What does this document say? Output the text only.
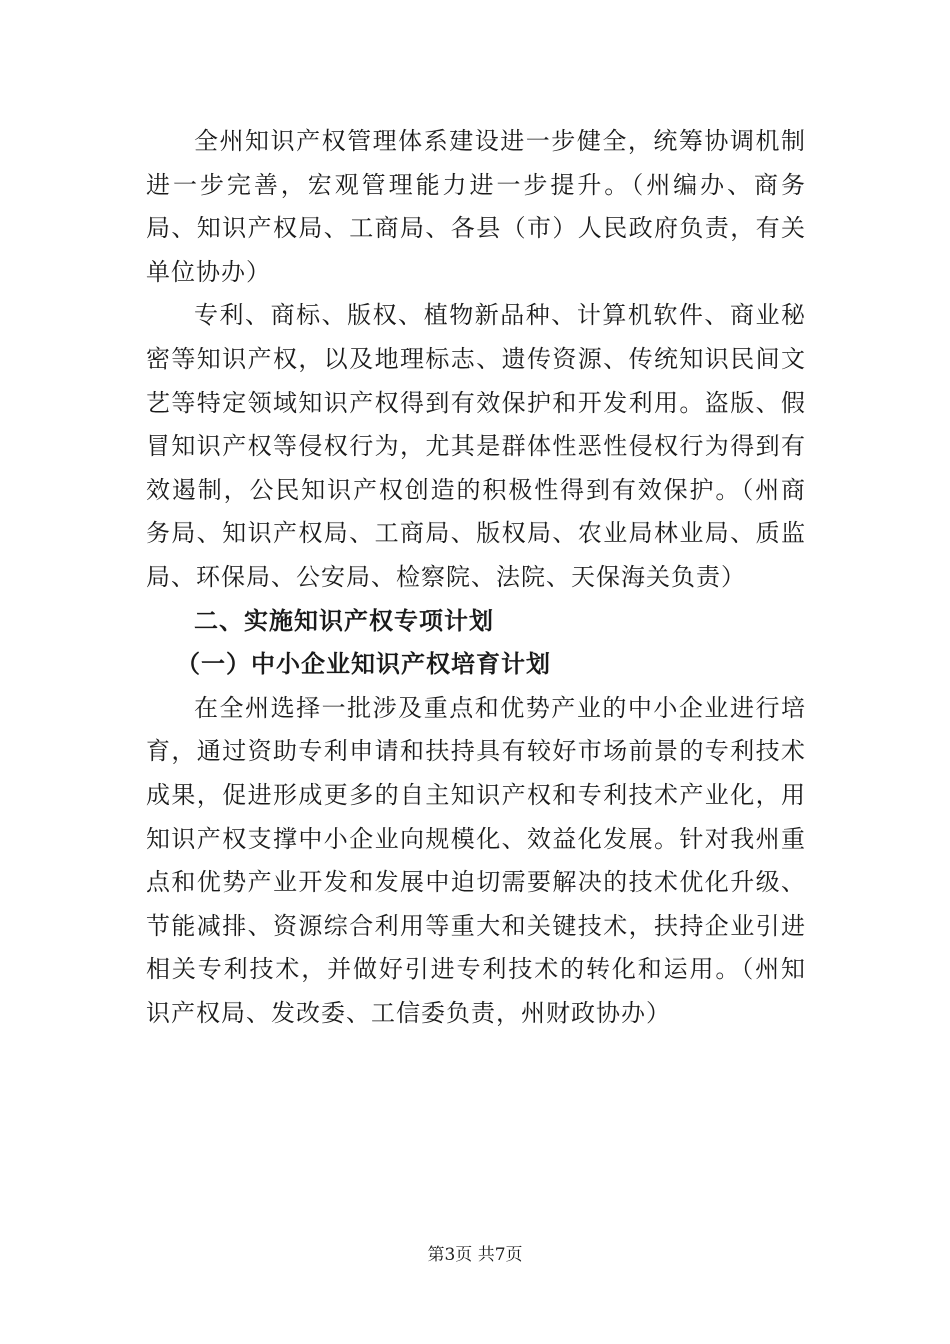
全州知识产权管理体系建设进一步健全，统筹协调机制进一步完善，宏观管理能力进一步提升。（州编办、商务局、知识产权局、工商局、各县（市）人民政府负责，有关单位协办）

专利、商标、版权、植物新品种、计算机软件、商业秘密等知识产权，以及地理标志、遗传资源、传统知识民间文艺等特定领域知识产权得到有效保护和开发利用。盗版、假冒知识产权等侵权行为，尤其是群体性恶性侵权行为得到有效遏制，公民知识产权创造的积极性得到有效保护。（州商务局、知识产权局、工商局、版权局、农业局林业局、质监局、环保局、公安局、检察院、法院、天保海关负责）

二、实施知识产权专项计划

（一）中小企业知识产权培育计划

在全州选择一批涉及重点和优势产业的中小企业进行培育，通过资助专利申请和扶持具有较好市场前景的专利技术成果，促进形成更多的自主知识产权和专利技术产业化，用知识产权支撑中小企业向规模化、效益化发展。针对我州重点和优势产业开发和发展中迫切需要解决的技术优化升级、节能减排、资源综合利用等重大和关键技术，扶持企业引进相关专利技术，并做好引进专利技术的转化和运用。（州知识产权局、发改委、工信委负责，州财政协办）

第3页 共7页
